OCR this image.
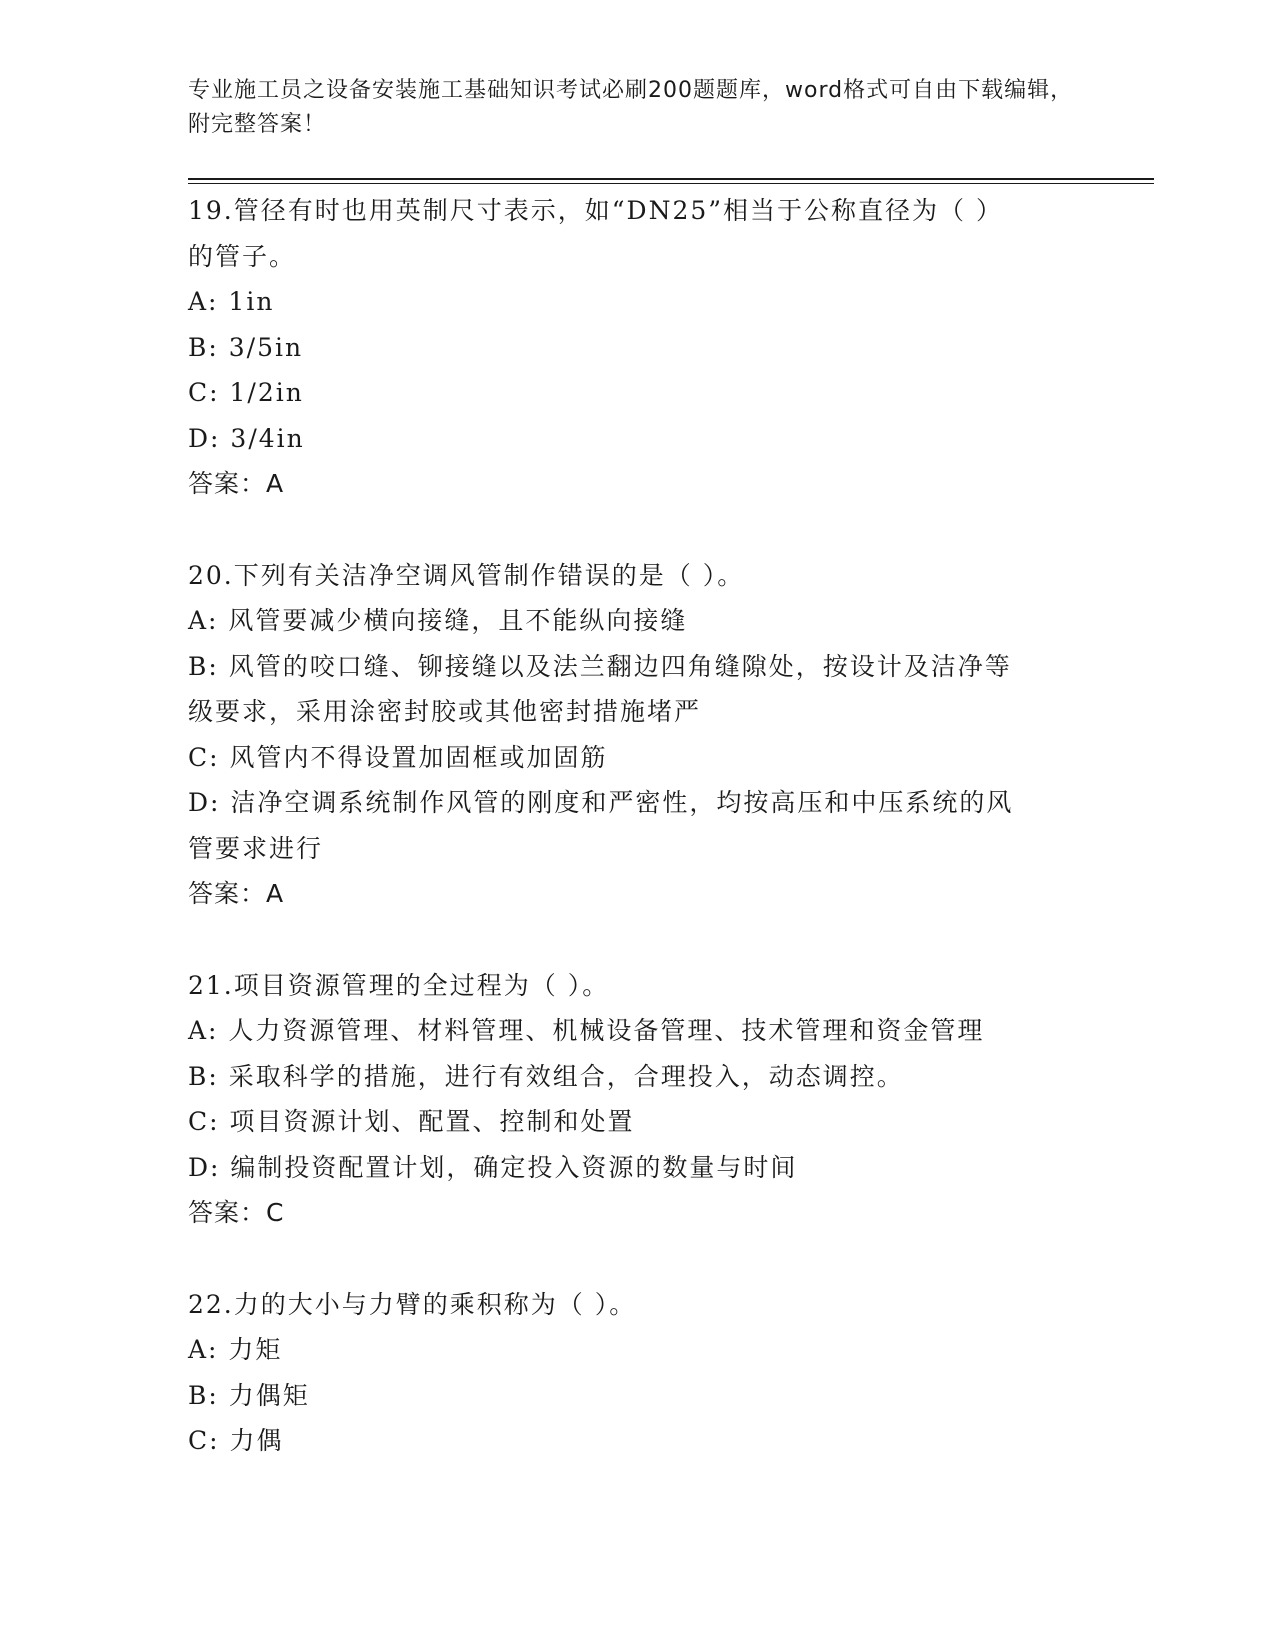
专业施工员之设备安装施工基础知识考试必刷200题题库，word格式可自由下载编辑，附完整答案！

19.管径有时也用英制尺寸表示，如“DN25”相当于公称直径为（ ）

的管子。

A: 1in

B: 3/5in

C: 1/2in

D: 3/4in

答案：A

20.下列有关洁净空调风管制作错误的是（ ）。

A: 风管要减少横向接缝，且不能纵向接缝

B: 风管的咬口缝、铆接缝以及法兰翻边四角缝隙处，按设计及洁净等

级要求，采用涂密封胶或其他密封措施堵严

C: 风管内不得设置加固框或加固筋

D: 洁净空调系统制作风管的刚度和严密性，均按高压和中压系统的风

管要求进行

答案：A

21.项目资源管理的全过程为（ ）。

A: 人力资源管理、材料管理、机械设备管理、技术管理和资金管理

B: 采取科学的措施，进行有效组合，合理投入，动态调控。

C: 项目资源计划、配置、控制和处置

D: 编制投资配置计划，确定投入资源的数量与时间

答案：C

22.力的大小与力臂的乘积称为（ ）。

A: 力矩

B: 力偶矩

C: 力偶
